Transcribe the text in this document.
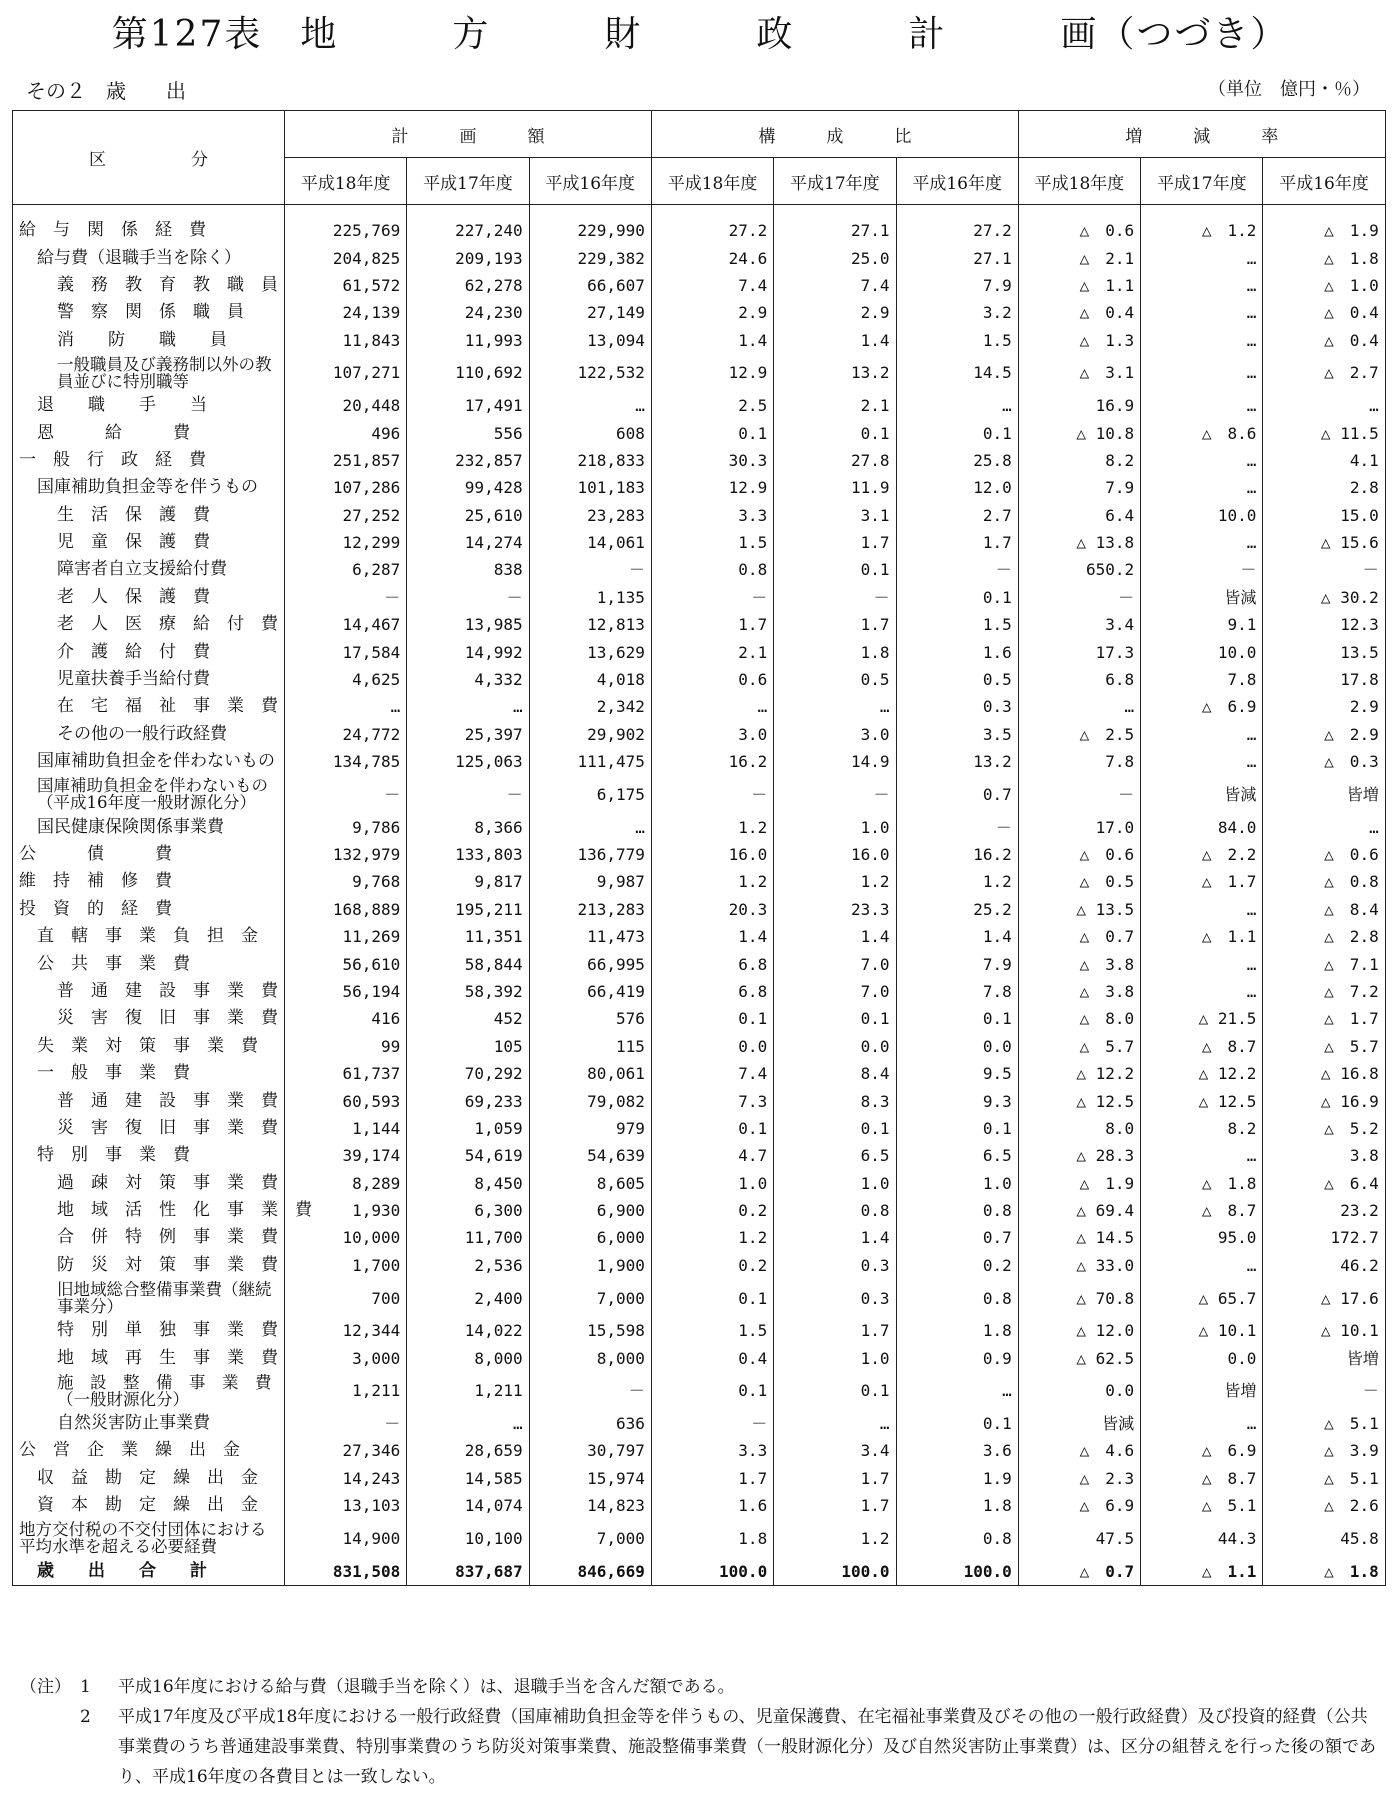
第127表　地　　　方　　　財　　　政　　　計　　　画（つづき）
その２　歳　　出	（単位　億円・％）
区　　　　　分	計　　　画　　　額			構　　　成　　　比			増　　　減　　　率		
	平成18年度	平成17年度	平成16年度	平成18年度	平成17年度	平成16年度	平成18年度	平成17年度	平成16年度
給　与　関　係　経　費	225,769	227,240	229,990	27.2	27.1	27.2	△　0.6	△　1.2	△　1.9
給与費（退職手当を除く）	204,825	209,193	229,382	24.6	25.0	27.1	△　2.1	…	△　1.8
義　務　教　育　教　職　員	61,572	62,278	66,607	7.4	7.4	7.9	△　1.1	…	△　1.0
警　察　関　係　職　員	24,139	24,230	27,149	2.9	2.9	3.2	△　0.4	…	△　0.4
消　　防　　職　　員	11,843	11,993	13,094	1.4	1.4	1.5	△　1.3	…	△　0.4
一般職員及び義務制以外の教員並びに特別職等	107,271	110,692	122,532	12.9	13.2	14.5	△　3.1	…	△　2.7
退　　職　　手　　当	20,448	17,491	…	2.5	2.1	…	16.9	…	…
恩　　　給　　　費	496	556	608	0.1	0.1	0.1	△ 10.8	△　8.6	△ 11.5
一　般　行　政　経　費	251,857	232,857	218,833	30.3	27.8	25.8	8.2	…	4.1
国庫補助負担金等を伴うもの	107,286	99,428	101,183	12.9	11.9	12.0	7.9	…	2.8
生　活　保　護　費	27,252	25,610	23,283	3.3	3.1	2.7	6.4	10.0	15.0
児　童　保　護　費	12,299	14,274	14,061	1.5	1.7	1.7	△ 13.8	…	△ 15.6
障害者自立支援給付費	6,287	838	－	0.8	0.1	－	650.2	－	－
老　人　保　護　費	－	－	1,135	－	－	0.1	－	皆減	△ 30.2
老　人　医　療　給　付　費	14,467	13,985	12,813	1.7	1.7	1.5	3.4	9.1	12.3
介　護　給　付　費	17,584	14,992	13,629	2.1	1.8	1.6	17.3	10.0	13.5
児童扶養手当給付費	4,625	4,332	4,018	0.6	0.5	0.5	6.8	7.8	17.8
在　宅　福　祉　事　業　費	…	…	2,342	…	…	0.3	…	△　6.9	2.9
その他の一般行政経費	24,772	25,397	29,902	3.0	3.0	3.5	△　2.5	…	△　2.9
国庫補助負担金を伴わないもの	134,785	125,063	111,475	16.2	14.9	13.2	7.8	…	△　0.3
国庫補助負担金を伴わないもの（平成16年度一般財源化分）	－	－	6,175	－	－	0.7	－	皆減	皆増
国民健康保険関係事業費	9,786	8,366	…	1.2	1.0	－	17.0	84.0	…
公　　　債　　　費	132,979	133,803	136,779	16.0	16.0	16.2	△　0.6	△　2.2	△　0.6
維　持　補　修　費	9,768	9,817	9,987	1.2	1.2	1.2	△　0.5	△　1.7	△　0.8
投　資　的　経　費	168,889	195,211	213,283	20.3	23.3	25.2	△ 13.5	…	△　8.4
直　轄　事　業　負　担　金	11,269	11,351	11,473	1.4	1.4	1.4	△　0.7	△　1.1	△　2.8
公　共　事　業　費	56,610	58,844	66,995	6.8	7.0	7.9	△　3.8	…	△　7.1
普　通　建　設　事　業　費	56,194	58,392	66,419	6.8	7.0	7.8	△　3.8	…	△　7.2
災　害　復　旧　事　業　費	416	452	576	0.1	0.1	0.1	△　8.0	△ 21.5	△　1.7
失　業　対　策　事　業　費	99	105	115	0.0	0.0	0.0	△　5.7	△　8.7	△　5.7
一　般　事　業　費	61,737	70,292	80,061	7.4	8.4	9.5	△ 12.2	△ 12.2	△ 16.8
普　通　建　設　事　業　費	60,593	69,233	79,082	7.3	8.3	9.3	△ 12.5	△ 12.5	△ 16.9
災　害　復　旧　事　業　費	1,144	1,059	979	0.1	0.1	0.1	8.0	8.2	△　5.2
特　別　事　業　費	39,174	54,619	54,639	4.7	6.5	6.5	△ 28.3	…	3.8
過　疎　対　策　事　業　費	8,289	8,450	8,605	1.0	1.0	1.0	△　1.9	△　1.8	△　6.4
地　域　活　性　化　事　業　費	1,930	6,300	6,900	0.2	0.8	0.8	△ 69.4	△　8.7	23.2
合　併　特　例　事　業　費	10,000	11,700	6,000	1.2	1.4	0.7	△ 14.5	95.0	172.7
防　災　対　策　事　業　費	1,700	2,536	1,900	0.2	0.3	0.2	△ 33.0	…	46.2
旧地域総合整備事業費（継続事業分）	700	2,400	7,000	0.1	0.3	0.8	△ 70.8	△ 65.7	△ 17.6
特　別　単　独　事　業　費	12,344	14,022	15,598	1.5	1.7	1.8	△ 12.0	△ 10.1	△ 10.1
地　域　再　生　事　業　費	3,000	8,000	8,000	0.4	1.0	0.9	△ 62.5	0.0	皆増
施　設　整　備　事　業　費（一般財源化分）	1,211	1,211	－	0.1	0.1	…	0.0	皆増	－
自然災害防止事業費	－	…	636	－	…	0.1	皆減	…	△　5.1
公　営　企　業　繰　出　金	27,346	28,659	30,797	3.3	3.4	3.6	△　4.6	△　6.9	△　3.9
収　益　勘　定　繰　出　金	14,243	14,585	15,974	1.7	1.7	1.9	△　2.3	△　8.7	△　5.1
資　本　勘　定　繰　出　金	13,103	14,074	14,823	1.6	1.7	1.8	△　6.9	△　5.1	△　2.6
地方交付税の不交付団体における平均水準を超える必要経費	14,900	10,100	7,000	1.8	1.2	0.8	47.5	44.3	45.8
歳　　出　　合　　計	831,508	837,687	846,669	100.0	100.0	100.0	△　0.7	△　1.1	△　1.8
（注） 1	平成16年度における給与費（退職手当を除く）は、退職手当を含んだ額である。
2	平成17年度及び平成18年度における一般行政経費（国庫補助負担金等を伴うもの、児童保護費、在宅福祉事業費及びその他の一般行政経費）及び投資的経費（公共事業費のうち普通建設事業費、特別事業費のうち防災対策事業費、施設整備事業費（一般財源化分）及び自然災害防止事業費）は、区分の組替えを行った後の額であり、平成16年度の各費目とは一致しない。
